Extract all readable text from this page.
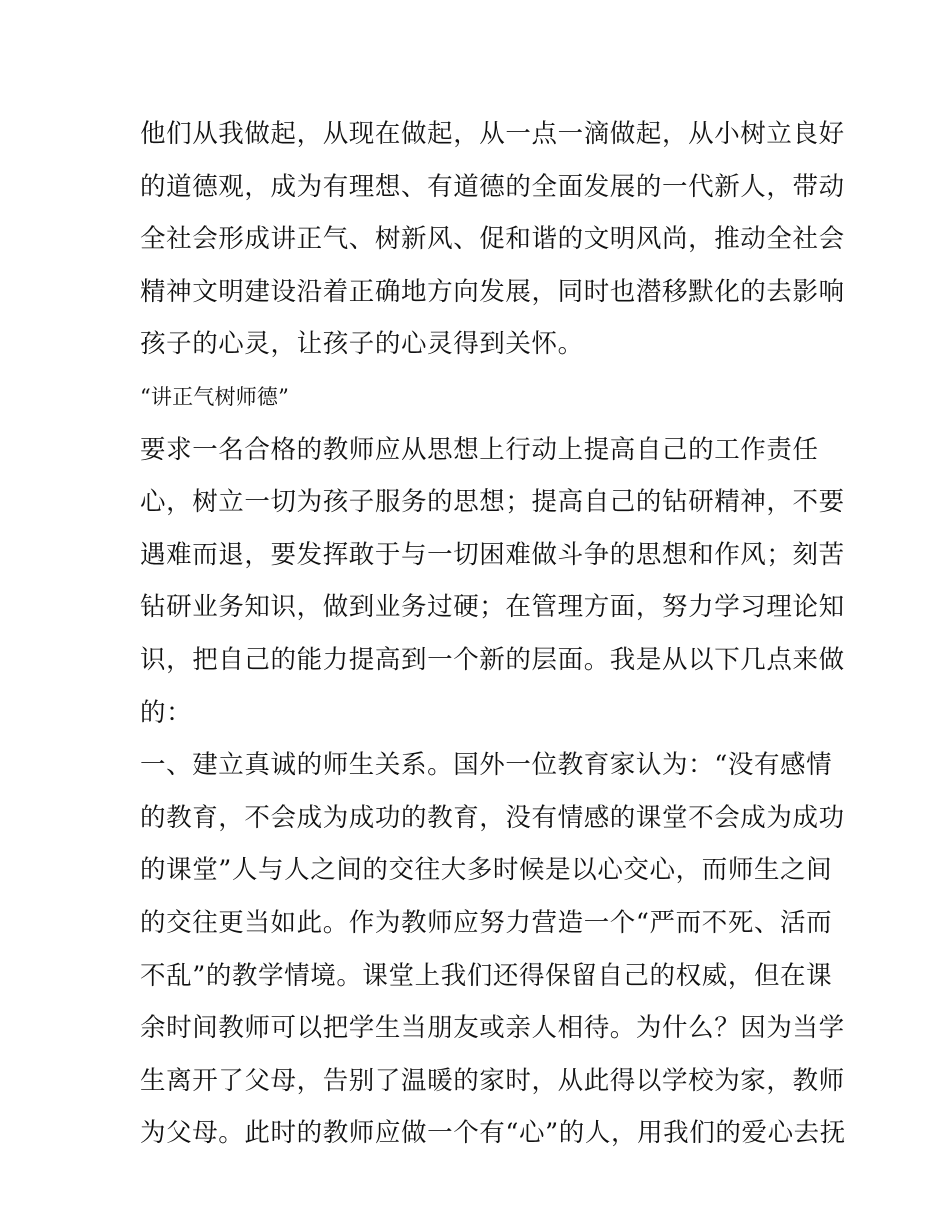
他们从我做起，从现在做起，从一点一滴做起，从小树立良好
的道德观，成为有理想、有道德的全面发展的一代新人，带动
全社会形成讲正气、树新风、促和谐的文明风尚，推动全社会
精神文明建设沿着正确地方向发展，同时也潜移默化的去影响
孩子的心灵，让孩子的心灵得到关怀。
“讲正气树师德”
要求一名合格的教师应从思想上行动上提高自己的工作责任
心，树立一切为孩子服务的思想；提高自己的钻研精神，不要
遇难而退，要发挥敢于与一切困难做斗争的思想和作风；刻苦
钻研业务知识，做到业务过硬；在管理方面，努力学习理论知
识，把自己的能力提高到一个新的层面。我是从以下几点来做
的：
一、建立真诚的师生关系。国外一位教育家认为：“没有感情
的教育，不会成为成功的教育，没有情感的课堂不会成为成功
的课堂”人与人之间的交往大多时候是以心交心，而师生之间
的交往更当如此。作为教师应努力营造一个“严而不死、活而
不乱”的教学情境。课堂上我们还得保留自己的权威，但在课
余时间教师可以把学生当朋友或亲人相待。为什么？因为当学
生离开了父母，告别了温暖的家时，从此得以学校为家，教师
为父母。此时的教师应做一个有“心”的人，用我们的爱心去抚
